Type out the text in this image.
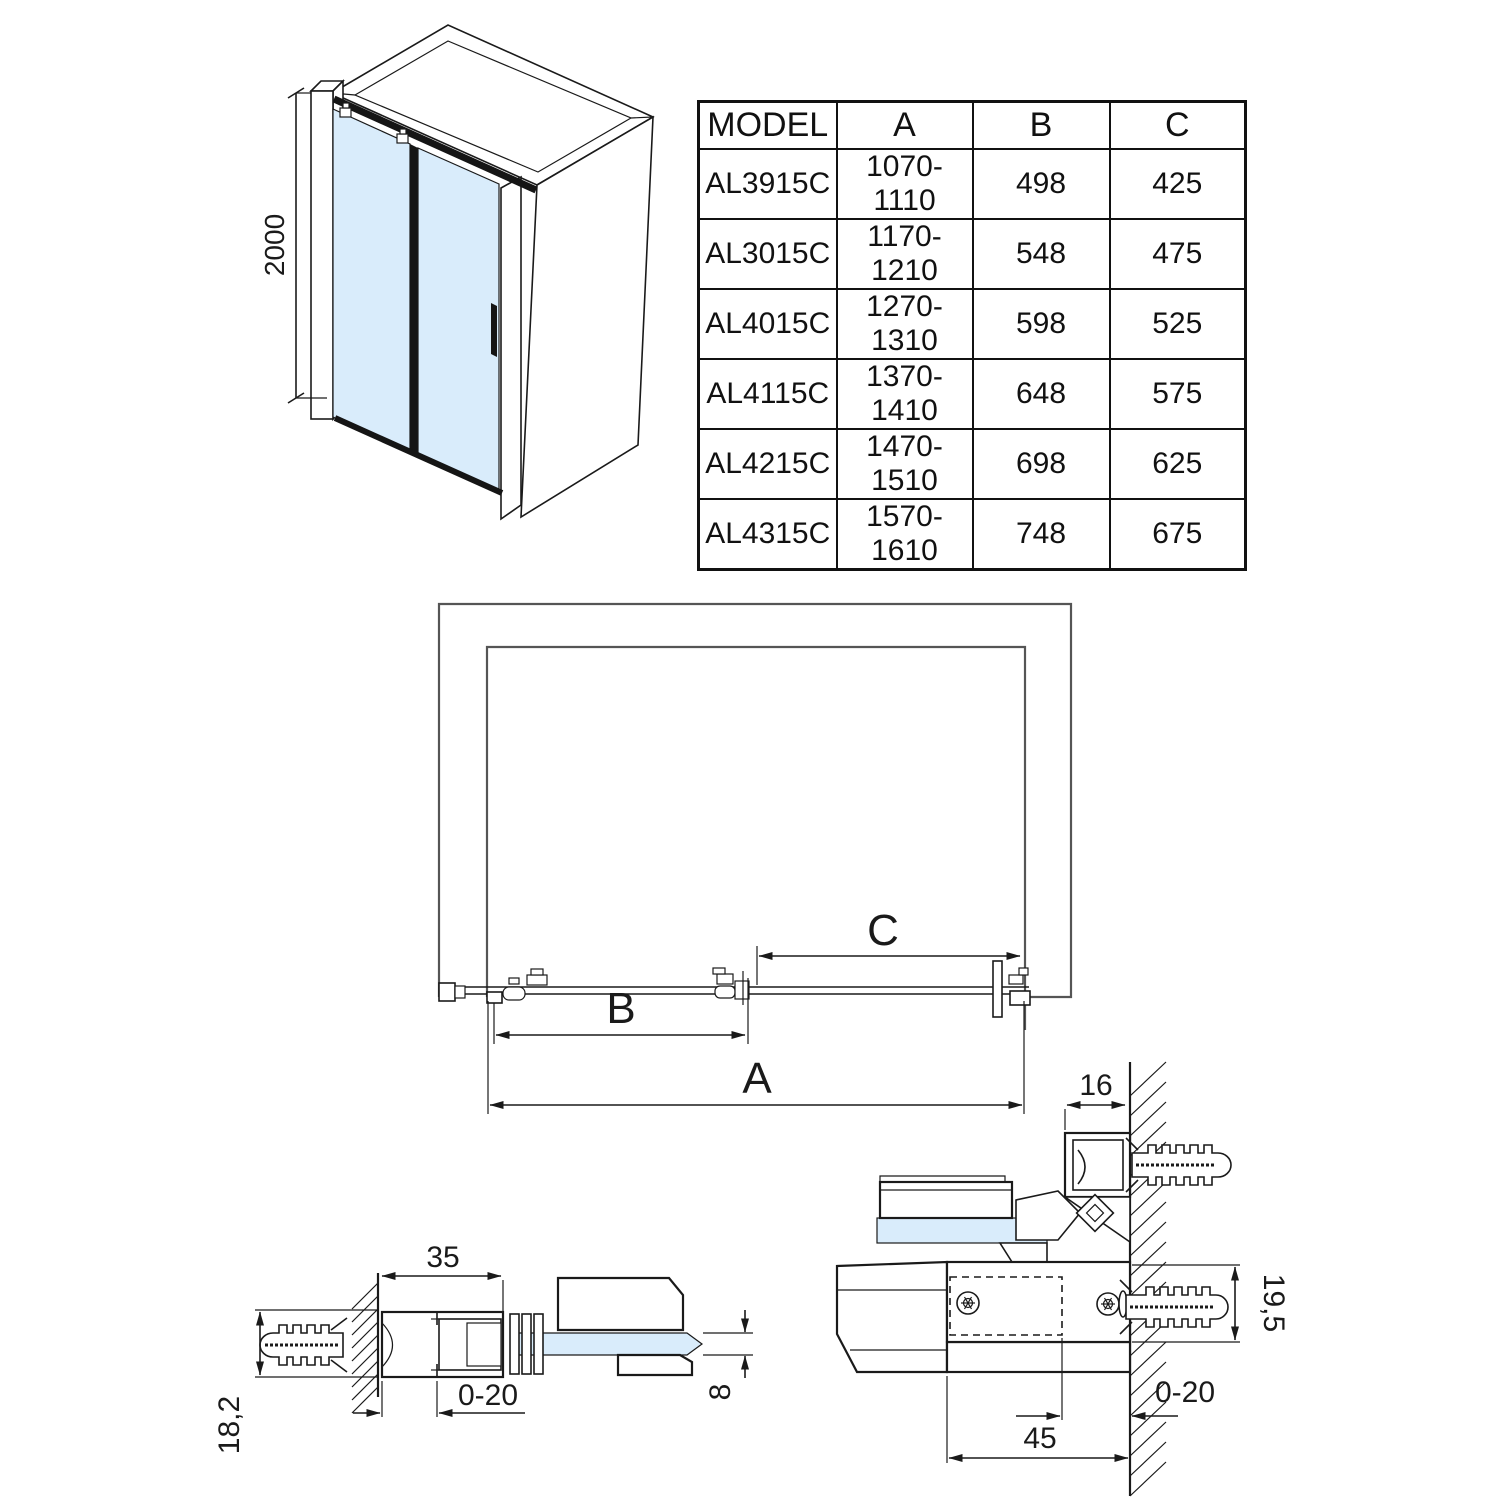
MODEL	A	B	C
AL3915C	1070-1110	498	425
AL3015C	1170-1210	548	475
AL4015C	1270-1310	598	525
AL4115C	1370-1410	648	575
AL4215C	1470-1510	698	625
AL4315C	1570-1610	748	675
2000
C
B
A
18,2
35
8
0-20
16
19,5
0-20
45
